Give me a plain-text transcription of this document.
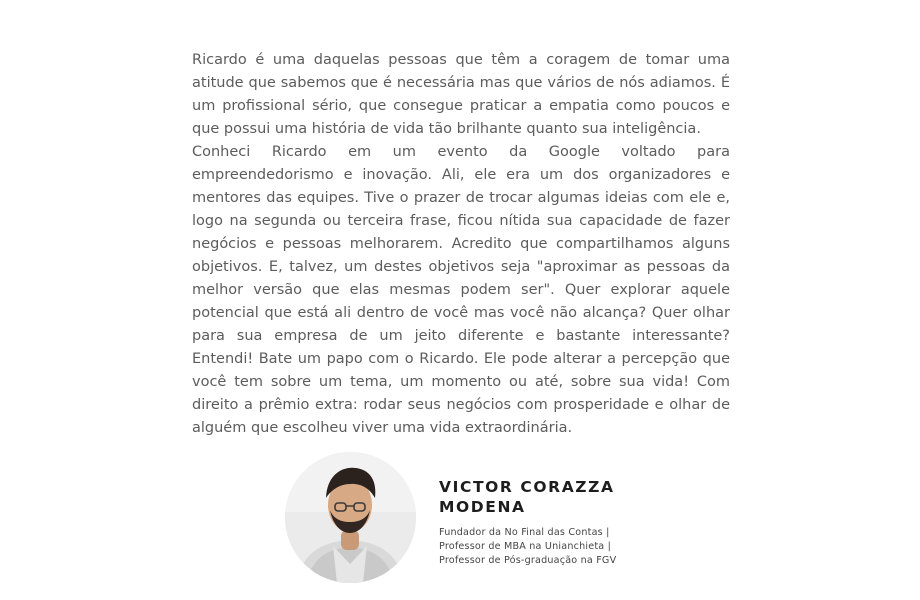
Ricardo é uma daquelas pessoas que têm a coragem de tomar uma atitude que sabemos que é necessária mas que vários de nós adiamos. É um profissional sério, que consegue praticar a empatia como poucos e que possui uma história de vida tão brilhante quanto sua inteligência.

Conheci Ricardo em um evento da Google voltado para empreendedorismo e inovação. Ali, ele era um dos organizadores e mentores das equipes. Tive o prazer de trocar algumas ideias com ele e, logo na segunda ou terceira frase, ficou nítida sua capacidade de fazer negócios e pessoas melhorarem. Acredito que compartilhamos alguns objetivos. E, talvez, um destes objetivos seja "aproximar as pessoas da melhor versão que elas mesmas podem ser". Quer explorar aquele potencial que está ali dentro de você mas você não alcança? Quer olhar para sua empresa de um jeito diferente e bastante interessante? Entendi! Bate um papo com o Ricardo. Ele pode alterar a percepção que você tem sobre um tema, um momento ou até, sobre sua vida! Com direito a prêmio extra: rodar seus negócios com prosperidade e olhar de alguém que escolheu viver uma vida extraordinária.

VICTOR CORAZZA
MODENA
Fundador da No Final das Contas |
Professor de MBA na Unianchieta |
Professor de Pós-graduação na FGV
